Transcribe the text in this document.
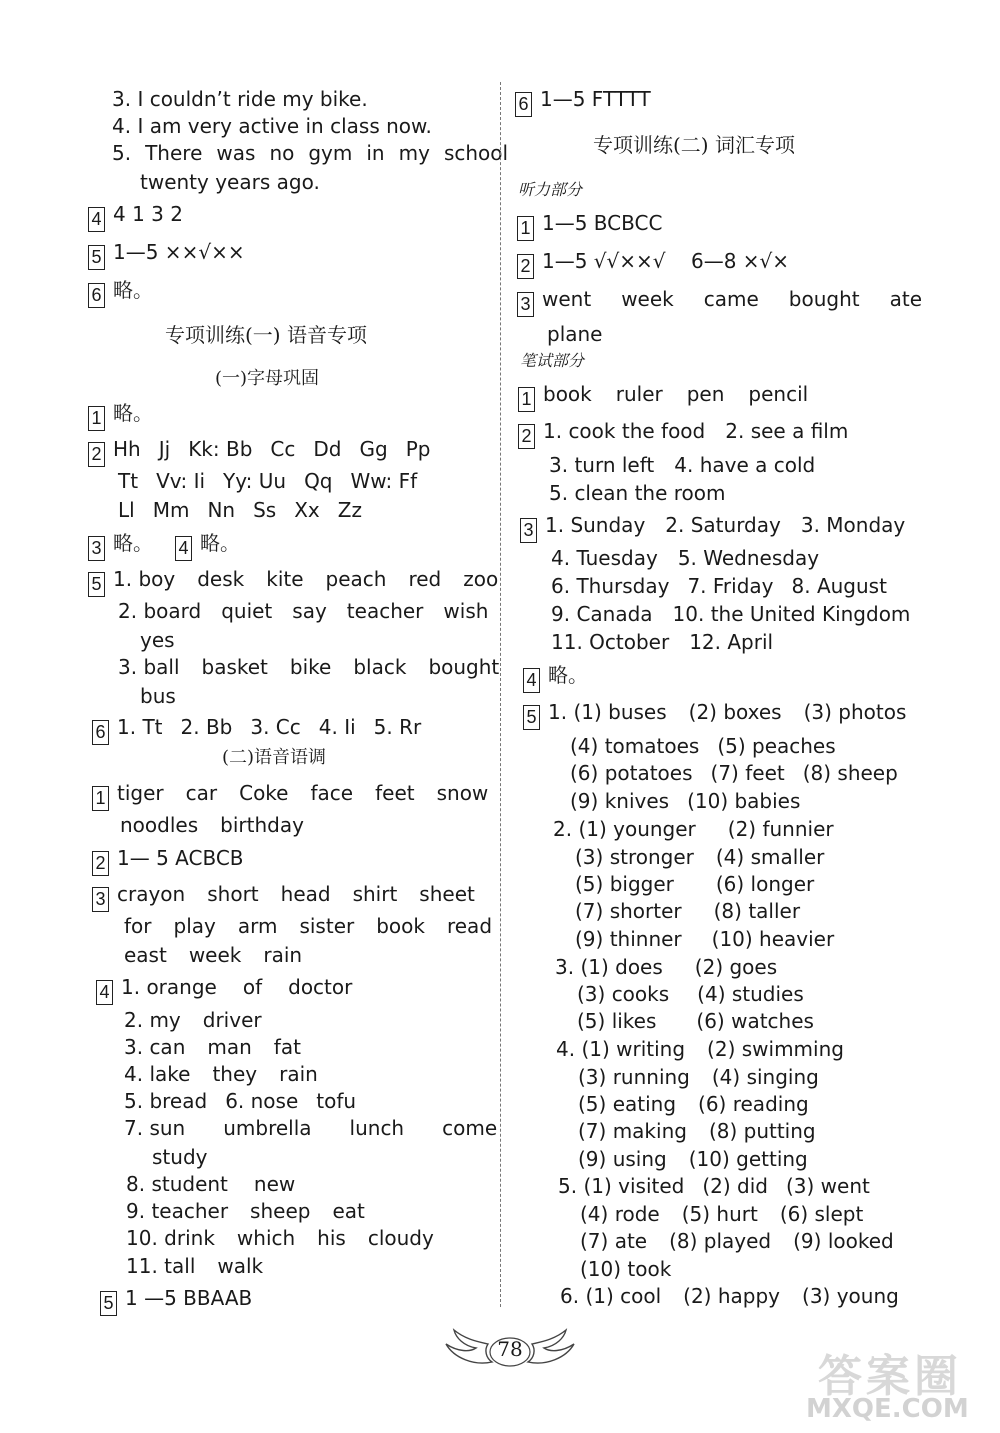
3. I couldn’t ride my bike.
4. I am very active in class now.
5. There was no gym in my school
twenty years ago.
4 4 1 3 2
5 1—5 ××√××
6 略。
专项训练(一) 语音专项
(一)字母巩固
1 略。
2 Hh Jj Kk: Bb Cc Dd Gg Pp
Tt Vv: Ii Yy: Uu Qq Ww: Ff
Ll Mm Nn Ss Xx Zz
3 略。 4 略。
5 1. boy desk kite peach red zoo
2. board quiet say teacher wish
yes
3. ball basket bike black bought
bus
6 1. Tt 2. Bb 3. Cc 4. Ii 5. Rr
(二)语音语调
1 tiger car Coke face feet snow
noodles birthday
2 1— 5 ACBCB
3 crayon short head shirt sheet
for play arm sister book read
east week rain
4 1. orange of doctor
2. my driver
3. can man fat
4. lake they rain
5. bread 6. nose tofu
7. sun umbrella lunch come
study
8. student new
9. teacher sheep eat
10. drink which his cloudy
11. tall walk
5 1 —5 BBAAB
6 1—5 FTTTT
专项训练(二) 词汇专项
听力部分
1 1—5 BCBCC
2 1—5 √√××√    6—8 ×√×
3 went week came bought ate
plane
笔试部分
1 book ruler pen pencil
2 1. cook the food 2. see a film
3. turn left 4. have a cold
5. clean the room
3 1. Sunday 2. Saturday 3. Monday
4. Tuesday 5. Wednesday
6. Thursday 7. Friday 8. August
9. Canada 10. the United Kingdom
11. October 12. April
4 略。
5 1. (1) buses (2) boxes (3) photos
(4) tomatoes (5) peaches
(6) potatoes (7) feet (8) sheep
(9) knives (10) babies
2. (1) younger (2) funnier
(3) stronger (4) smaller
(5) bigger (6) longer
(7) shorter (8) taller
(9) thinner (10) heavier
3. (1) does (2) goes
(3) cooks (4) studies
(5) likes (6) watches
4. (1) writing (2) swimming
(3) running (4) singing
(5) eating (6) reading
(7) making (8) putting
(9) using (10) getting
5. (1) visited (2) did (3) went
(4) rode (5) hurt (6) slept
(7) ate (8) played (9) looked
(10) took
6. (1) cool (2) happy (3) young
78
答案圈
MXQE.COM
